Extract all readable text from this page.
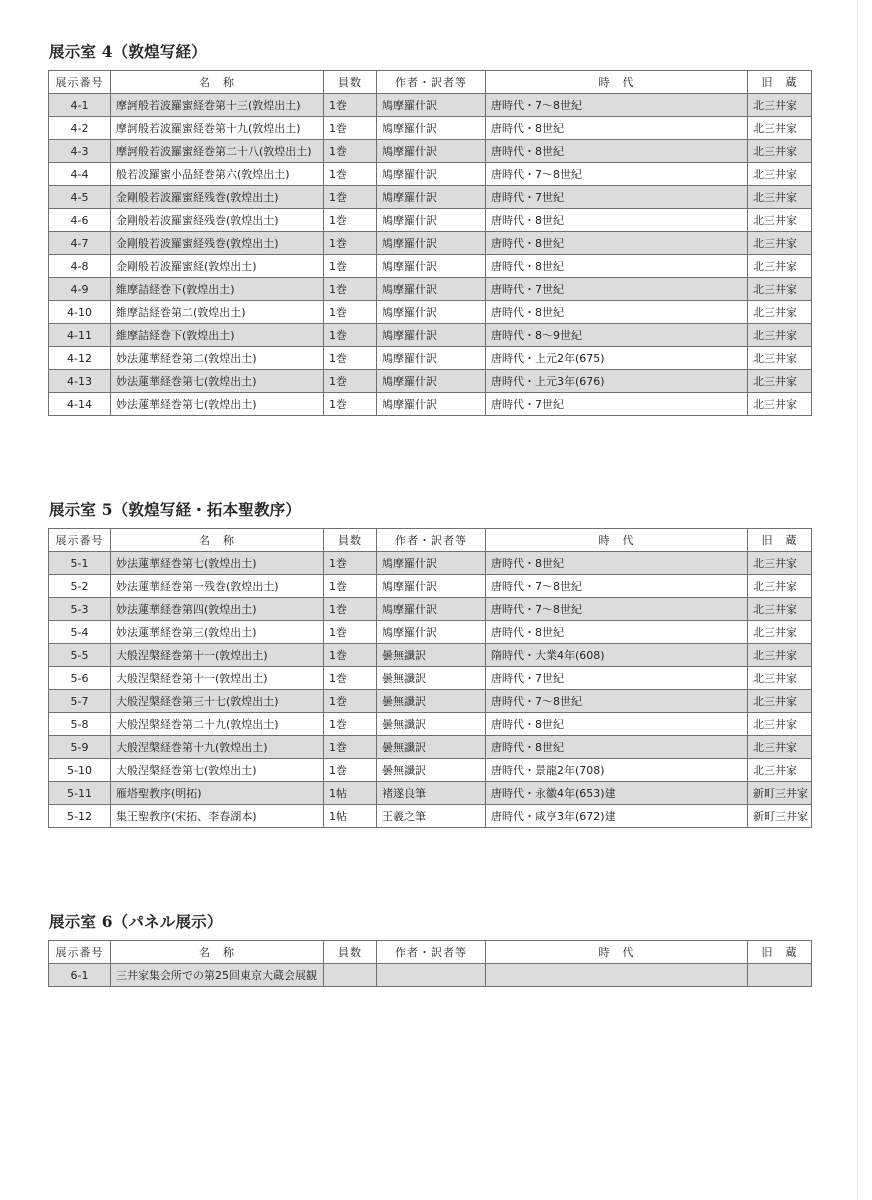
展示室 4（敦煌写経）
展示番号	名　称	員数	作者・訳者等	時　代	旧　蔵
4-1	摩訶般若波羅蜜経巻第十三(敦煌出土)	1巻	鳩摩羅什訳	唐時代・7〜8世紀	北三井家
4-2	摩訶般若波羅蜜経巻第十九(敦煌出土)	1巻	鳩摩羅什訳	唐時代・8世紀	北三井家
4-3	摩訶般若波羅蜜経巻第二十八(敦煌出土)	1巻	鳩摩羅什訳	唐時代・8世紀	北三井家
4-4	般若波羅蜜小品経巻第六(敦煌出土)	1巻	鳩摩羅什訳	唐時代・7〜8世紀	北三井家
4-5	金剛般若波羅蜜経残巻(敦煌出土)	1巻	鳩摩羅什訳	唐時代・7世紀	北三井家
4-6	金剛般若波羅蜜経残巻(敦煌出土)	1巻	鳩摩羅什訳	唐時代・8世紀	北三井家
4-7	金剛般若波羅蜜経残巻(敦煌出土)	1巻	鳩摩羅什訳	唐時代・8世紀	北三井家
4-8	金剛般若波羅蜜経(敦煌出土)	1巻	鳩摩羅什訳	唐時代・8世紀	北三井家
4-9	維摩詰経巻下(敦煌出土)	1巻	鳩摩羅什訳	唐時代・7世紀	北三井家
4-10	維摩詰経巻第二(敦煌出土)	1巻	鳩摩羅什訳	唐時代・8世紀	北三井家
4-11	維摩詰経巻下(敦煌出土)	1巻	鳩摩羅什訳	唐時代・8〜9世紀	北三井家
4-12	妙法蓮華経巻第二(敦煌出土)	1巻	鳩摩羅什訳	唐時代・上元2年(675)	北三井家
4-13	妙法蓮華経巻第七(敦煌出土)	1巻	鳩摩羅什訳	唐時代・上元3年(676)	北三井家
4-14	妙法蓮華経巻第七(敦煌出土)	1巻	鳩摩羅什訳	唐時代・7世紀	北三井家
展示室 5（敦煌写経・拓本聖教序）
展示番号	名　称	員数	作者・訳者等	時　代	旧　蔵
5-1	妙法蓮華経巻第七(敦煌出土)	1巻	鳩摩羅什訳	唐時代・8世紀	北三井家
5-2	妙法蓮華経巻第一残巻(敦煌出土)	1巻	鳩摩羅什訳	唐時代・7〜8世紀	北三井家
5-3	妙法蓮華経巻第四(敦煌出土)	1巻	鳩摩羅什訳	唐時代・7〜8世紀	北三井家
5-4	妙法蓮華経巻第三(敦煌出土)	1巻	鳩摩羅什訳	唐時代・8世紀	北三井家
5-5	大般涅槃経巻第十一(敦煌出土)	1巻	曇無讖訳	隋時代・大業4年(608)	北三井家
5-6	大般涅槃経巻第十一(敦煌出土)	1巻	曇無讖訳	唐時代・7世紀	北三井家
5-7	大般涅槃経巻第三十七(敦煌出土)	1巻	曇無讖訳	唐時代・7〜8世紀	北三井家
5-8	大般涅槃経巻第二十九(敦煌出土)	1巻	曇無讖訳	唐時代・8世紀	北三井家
5-9	大般涅槃経巻第十九(敦煌出土)	1巻	曇無讖訳	唐時代・8世紀	北三井家
5-10	大般涅槃経巻第七(敦煌出土)	1巻	曇無讖訳	唐時代・景龍2年(708)	北三井家
5-11	雁塔聖教序(明拓)	1帖	褚遂良筆	唐時代・永徽4年(653)建	新町三井家
5-12	集王聖教序(宋拓、李春湖本)	1帖	王羲之筆	唐時代・咸亨3年(672)建	新町三井家
展示室 6（パネル展示）
展示番号	名　称	員数	作者・訳者等	時　代	旧　蔵
6-1	三井家集会所での第25回東京大蔵会展観				
